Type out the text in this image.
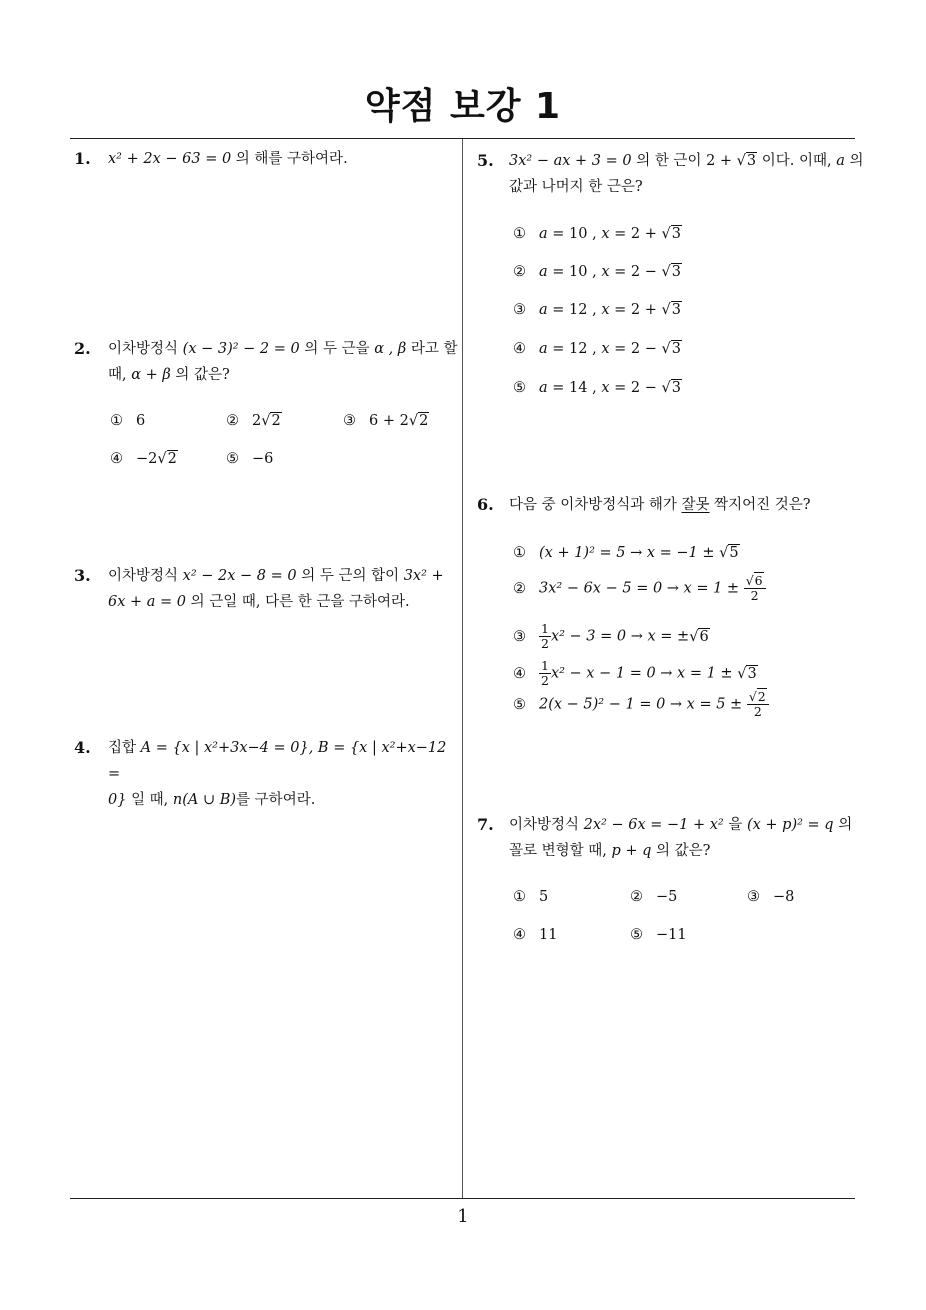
약점 보강 1
1
1. x² + 2x − 63 = 0 의 해를 구하여라.
2. 이차방정식 (x − 3)² − 2 = 0 의 두 근을 α , β 라고 할
때, α + β 의 값은?
① 6	② 2√2	③ 6 + 2√2
④ −2√2	⑤ −6
3. 이차방정식 x² − 2x − 8 = 0 의 두 근의 합이 3x² +
6x + a = 0 의 근일 때, 다른 한 근을 구하여라.
4. 집합 A = {x | x²+3x−4 = 0}, B = {x | x²+x−12 =
0} 일 때, n(A ∪ B)를 구하여라.
5. 3x² − ax + 3 = 0 의 한 근이 2 + √3 이다. 이때, a 의
값과 나머지 한 근은?
① a = 10 , x = 2 + √3
② a = 10 , x = 2 − √3
③ a = 12 , x = 2 + √3
④ a = 12 , x = 2 − √3
⑤ a = 14 , x = 2 − √3
6. 다음 중 이차방정식과 해가 잘못 짝지어진 것은?
① (x + 1)² = 5 → x = −1 ± √5
② $3x^2 - 6x - 5 = 0 \to x = 1 \pm \frac{√6}{2}$
③ $\frac{1}{2} x^2 - 3 = 0 \to x = \pm√6$
④ $\frac{1}{2} x^2 - x - 1 = 0 \to x = 1 \pm √3$
⑤ $2(x - 5)^2 - 1 = 0 \to x = 5 \pm \frac{√2}{2}$
7. 이차방정식 2x² − 6x = −1 + x² 을 (x + p)² = q 의
꼴로 변형할 때, p + q 의 값은?
① 5	② −5	③ −8
④ 11	⑤ −11
